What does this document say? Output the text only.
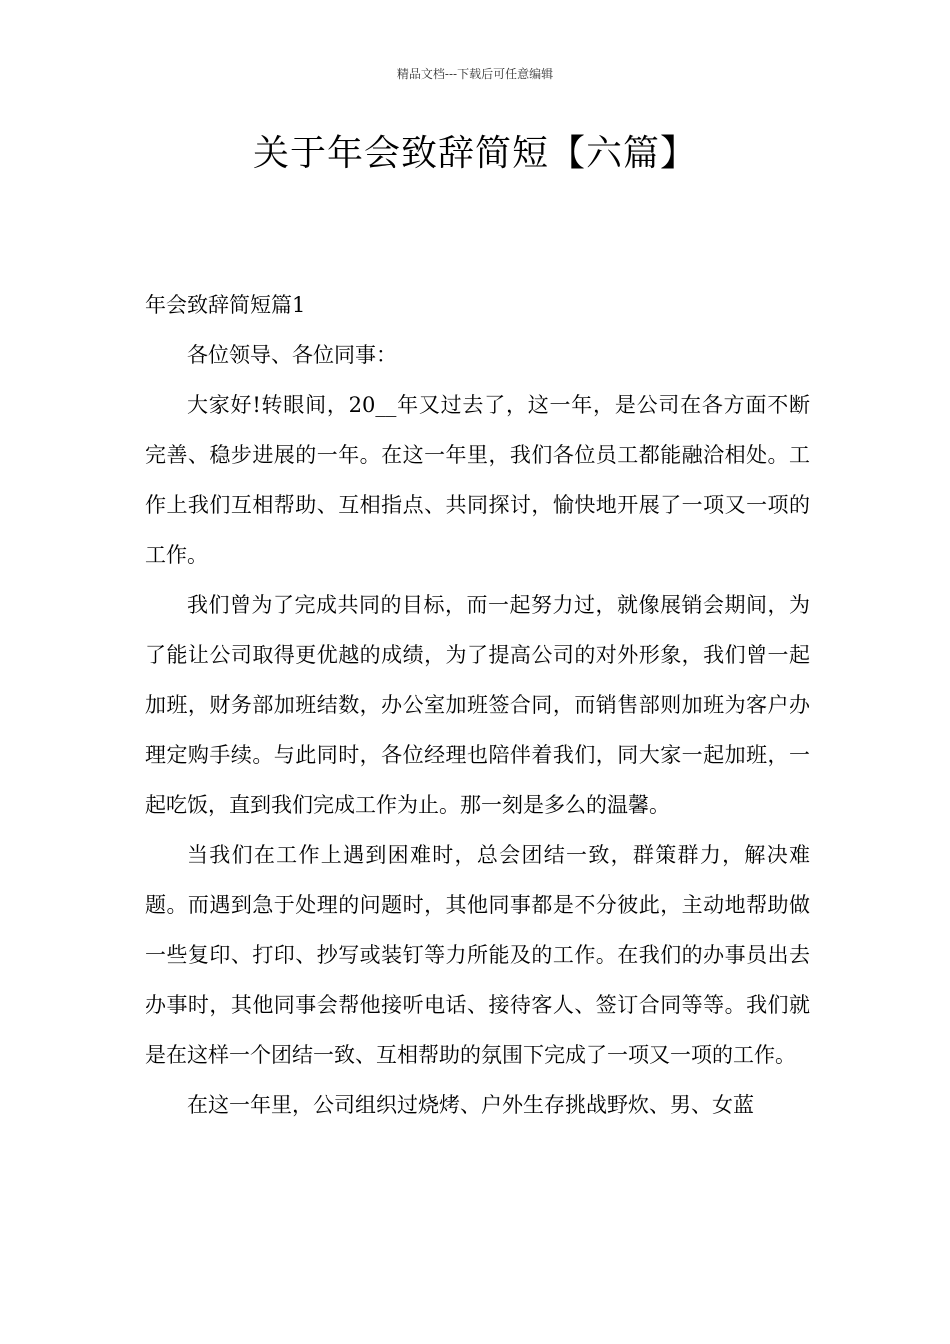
精品文档---下载后可任意编辑
关于年会致辞简短【六篇】

年会致辞简短篇1

各位领导、各位同事：

大家好!转眼间，20__年又过去了，这一年，是公司在各方面不断完善、稳步进展的一年。在这一年里，我们各位员工都能融洽相处。工作上我们互相帮助、互相指点、共同探讨，愉快地开展了一项又一项的工作。

我们曾为了完成共同的目标，而一起努力过，就像展销会期间，为了能让公司取得更优越的成绩，为了提高公司的对外形象，我们曾一起加班，财务部加班结数，办公室加班签合同，而销售部则加班为客户办理定购手续。与此同时，各位经理也陪伴着我们，同大家一起加班，一起吃饭，直到我们完成工作为止。那一刻是多么的温馨。

当我们在工作上遇到困难时，总会团结一致，群策群力，解决难题。而遇到急于处理的问题时，其他同事都是不分彼此，主动地帮助做一些复印、打印、抄写或装钉等力所能及的工作。在我们的办事员出去办事时，其他同事会帮他接听电话、接待客人、签订合同等等。我们就是在这样一个团结一致、互相帮助的氛围下完成了一项又一项的工作。

在这一年里，公司组织过烧烤、户外生存挑战野炊、男、女蓝
